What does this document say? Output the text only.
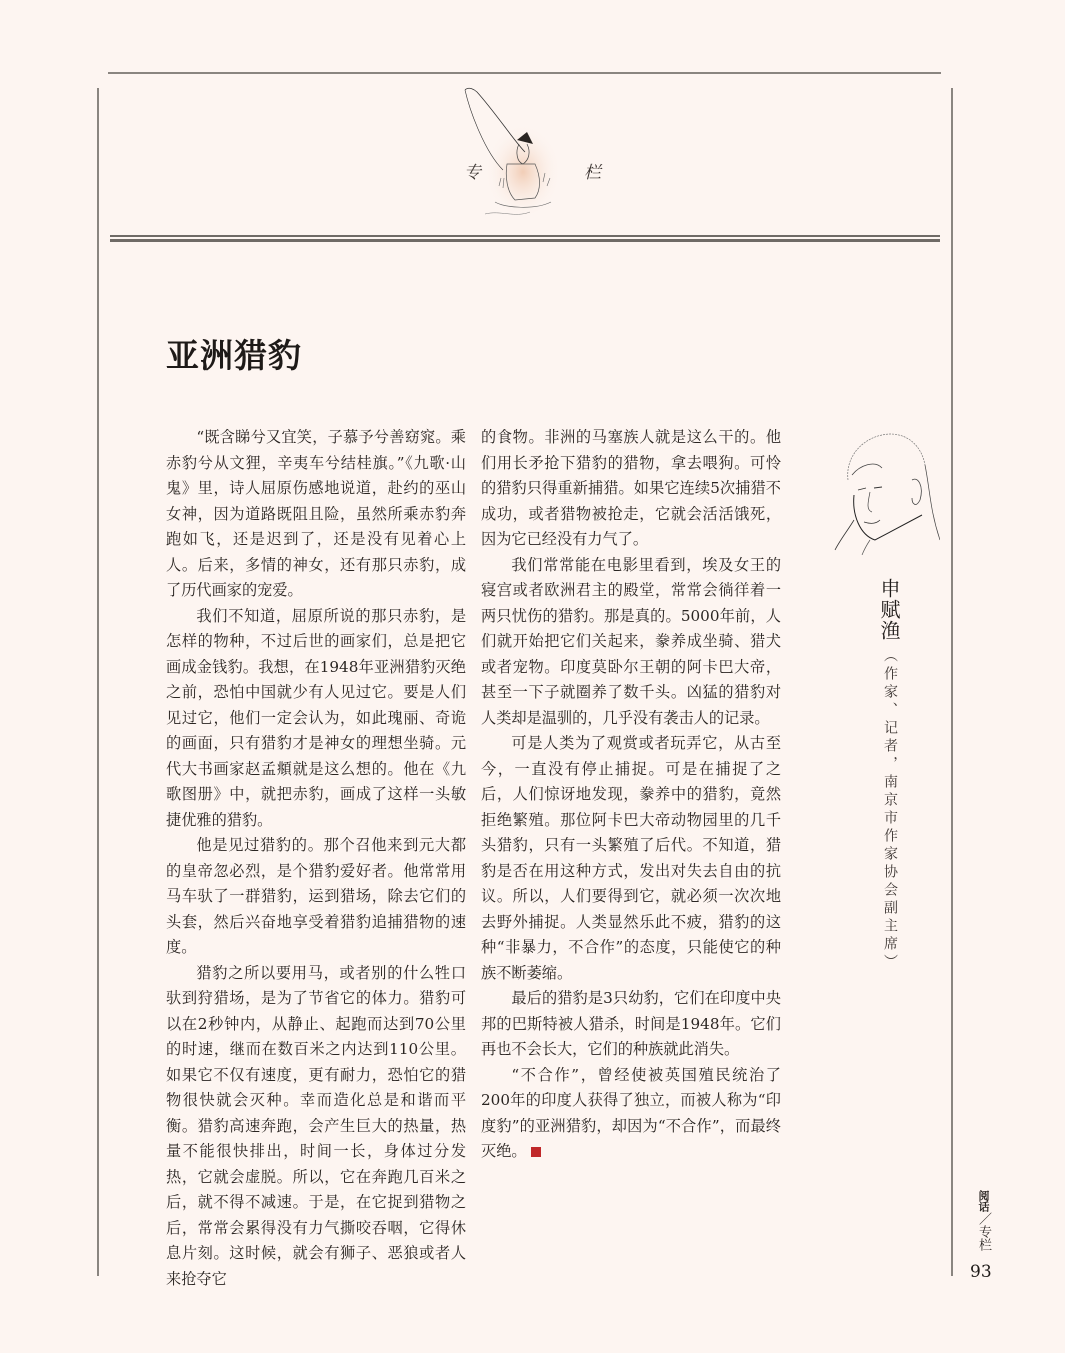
专	栏
亚洲猎豹

“既含睇兮又宜笑，子慕予兮善窈窕。乘赤豹兮从文狸，辛夷车兮结桂旗。”《九歌·山鬼》里，诗人屈原伤感地说道，赴约的巫山女神，因为道路既阻且险，虽然所乘赤豹奔跑如飞，还是迟到了，还是没有见着心上人。后来，多情的神女，还有那只赤豹，成了历代画家的宠爱。

我们不知道，屈原所说的那只赤豹，是怎样的物种，不过后世的画家们，总是把它画成金钱豹。我想，在1948年亚洲猎豹灭绝之前，恐怕中国就少有人见过它。要是人们见过它，他们一定会认为，如此瑰丽、奇诡的画面，只有猎豹才是神女的理想坐骑。元代大书画家赵孟頫就是这么想的。他在《九歌图册》中，就把赤豹，画成了这样一头敏捷优雅的猎豹。

他是见过猎豹的。那个召他来到元大都的皇帝忽必烈，是个猎豹爱好者。他常常用马车驮了一群猎豹，运到猎场，除去它们的头套，然后兴奋地享受着猎豹追捕猎物的速度。

猎豹之所以要用马，或者别的什么牲口驮到狩猎场，是为了节省它的体力。猎豹可以在2秒钟内，从静止、起跑而达到70公里的时速，继而在数百米之内达到110公里。如果它不仅有速度，更有耐力，恐怕它的猎物很快就会灭种。幸而造化总是和谐而平衡。猎豹高速奔跑，会产生巨大的热量，热量不能很快排出，时间一长，身体过分发热，它就会虚脱。所以，它在奔跑几百米之后，就不得不减速。于是，在它捉到猎物之后，常常会累得没有力气撕咬吞咽，它得休息片刻。这时候，就会有狮子、恶狼或者人来抢夺它

的食物。非洲的马塞族人就是这么干的。他们用长矛抢下猎豹的猎物，拿去喂狗。可怜的猎豹只得重新捕猎。如果它连续5次捕猎不成功，或者猎物被抢走，它就会活活饿死，因为它已经没有力气了。

我们常常能在电影里看到，埃及女王的寝宫或者欧洲君主的殿堂，常常会徜徉着一两只忧伤的猎豹。那是真的。5000年前，人们就开始把它们关起来，豢养成坐骑、猎犬或者宠物。印度莫卧尔王朝的阿卡巴大帝，甚至一下子就圈养了数千头。凶猛的猎豹对人类却是温驯的，几乎没有袭击人的记录。

可是人类为了观赏或者玩弄它，从古至今，一直没有停止捕捉。可是在捕捉了之后，人们惊讶地发现，豢养中的猎豹，竟然拒绝繁殖。那位阿卡巴大帝动物园里的几千头猎豹，只有一头繁殖了后代。不知道，猎豹是否在用这种方式，发出对失去自由的抗议。所以，人们要得到它，就必须一次次地去野外捕捉。人类显然乐此不疲，猎豹的这种“非暴力，不合作”的态度，只能使它的种族不断萎缩。

最后的猎豹是3只幼豹，它们在印度中央邦的巴斯特被人猎杀，时间是1948年。它们再也不会长大，它们的种族就此消失。

“不合作”，曾经使被英国殖民统治了200年的印度人获得了独立，而被人称为“印度豹”的亚洲猎豹，却因为“不合作”，而最终灭绝。

申赋渔
（作家、记者，南京市作家协会副主席）
阅话／专栏
93
